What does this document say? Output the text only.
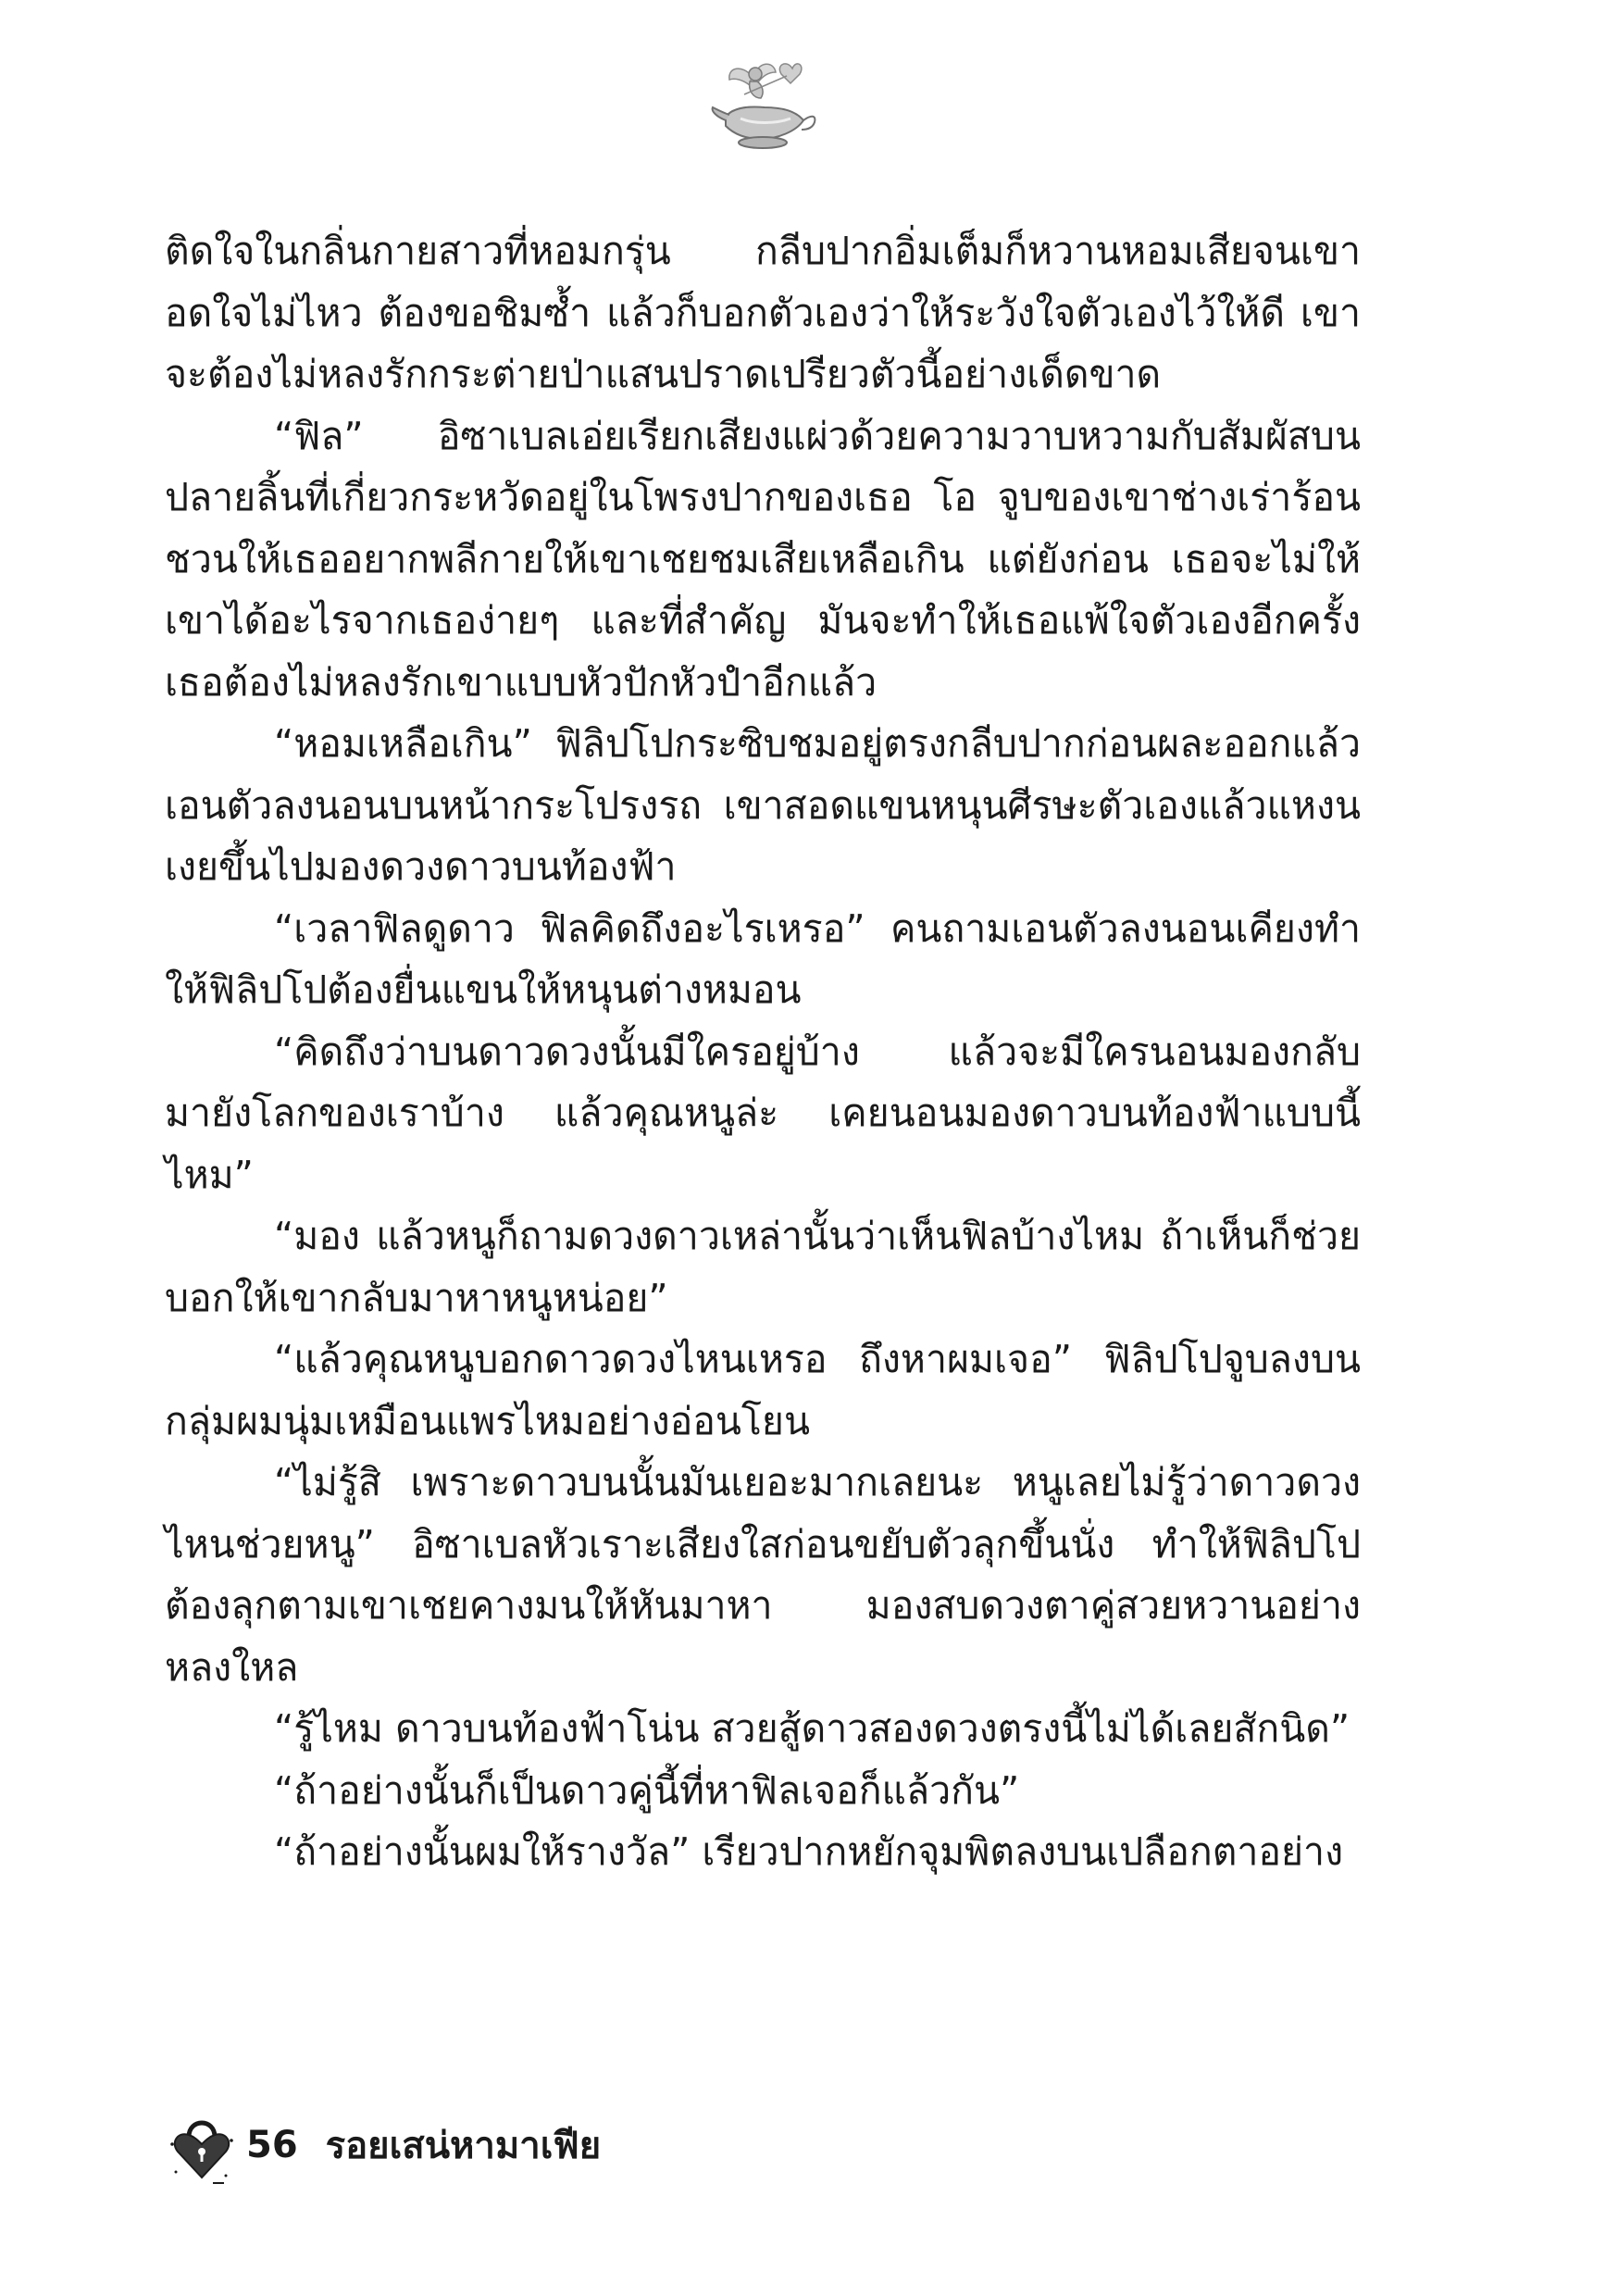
ติดใจในกลิ่นกายสาวที่หอมกรุ่น กลีบปากอิ่มเต็มก็หวานหอมเสียจนเขาอดใจไม่ไหว ต้องขอชิมซ้ำ แล้วก็บอกตัวเองว่าให้ระวังใจตัวเองไว้ให้ดี เขาจะต้องไม่หลงรักกระต่ายป่าแสนปราดเปรียวตัวนี้อย่างเด็ดขาด

“ฟิล” อิซาเบลเอ่ยเรียกเสียงแผ่วด้วยความวาบหวามกับสัมผัสบนปลายลิ้นที่เกี่ยวกระหวัดอยู่ในโพรงปากของเธอ โอ จูบของเขาช่างเร่าร้อนชวนให้เธออยากพลีกายให้เขาเชยชมเสียเหลือเกิน แต่ยังก่อน เธอจะไม่ให้เขาได้อะไรจากเธอง่ายๆ และที่สำคัญ มันจะทำให้เธอแพ้ใจตัวเองอีกครั้ง เธอต้องไม่หลงรักเขาแบบหัวปักหัวปำอีกแล้ว

“หอมเหลือเกิน” ฟิลิปโปกระซิบชมอยู่ตรงกลีบปากก่อนผละออกแล้วเอนตัวลงนอนบนหน้ากระโปรงรถ เขาสอดแขนหนุนศีรษะตัวเองแล้วแหงนเงยขึ้นไปมองดวงดาวบนท้องฟ้า

“เวลาฟิลดูดาว ฟิลคิดถึงอะไรเหรอ” คนถามเอนตัวลงนอนเคียงทำให้ฟิลิปโปต้องยื่นแขนให้หนุนต่างหมอน

“คิดถึงว่าบนดาวดวงนั้นมีใครอยู่บ้าง แล้วจะมีใครนอนมองกลับมายังโลกของเราบ้าง แล้วคุณหนูล่ะ เคยนอนมองดาวบนท้องฟ้าแบบนี้ไหม”

“มอง แล้วหนูก็ถามดวงดาวเหล่านั้นว่าเห็นฟิลบ้างไหม ถ้าเห็นก็ช่วยบอกให้เขากลับมาหาหนูหน่อย”

“แล้วคุณหนูบอกดาวดวงไหนเหรอ ถึงหาผมเจอ” ฟิลิปโปจูบลงบนกลุ่มผมนุ่มเหมือนแพรไหมอย่างอ่อนโยน

“ไม่รู้สิ เพราะดาวบนนั้นมันเยอะมากเลยนะ หนูเลยไม่รู้ว่าดาวดวงไหนช่วยหนู” อิซาเบลหัวเราะเสียงใสก่อนขยับตัวลุกขึ้นนั่ง ทำให้ฟิลิปโปต้องลุกตามเขาเชยคางมนให้หันมาหา มองสบดวงตาคู่สวยหวานอย่างหลงใหล

“รู้ไหม ดาวบนท้องฟ้าโน่น สวยสู้ดาวสองดวงตรงนี้ไม่ได้เลยสักนิด”

“ถ้าอย่างนั้นก็เป็นดาวคู่นี้ที่หาฟิลเจอก็แล้วกัน”

“ถ้าอย่างนั้นผมให้รางวัล” เรียวปากหยักจุมพิตลงบนเปลือกตาอย่าง

56 รอยเสน่หามาเฟีย
